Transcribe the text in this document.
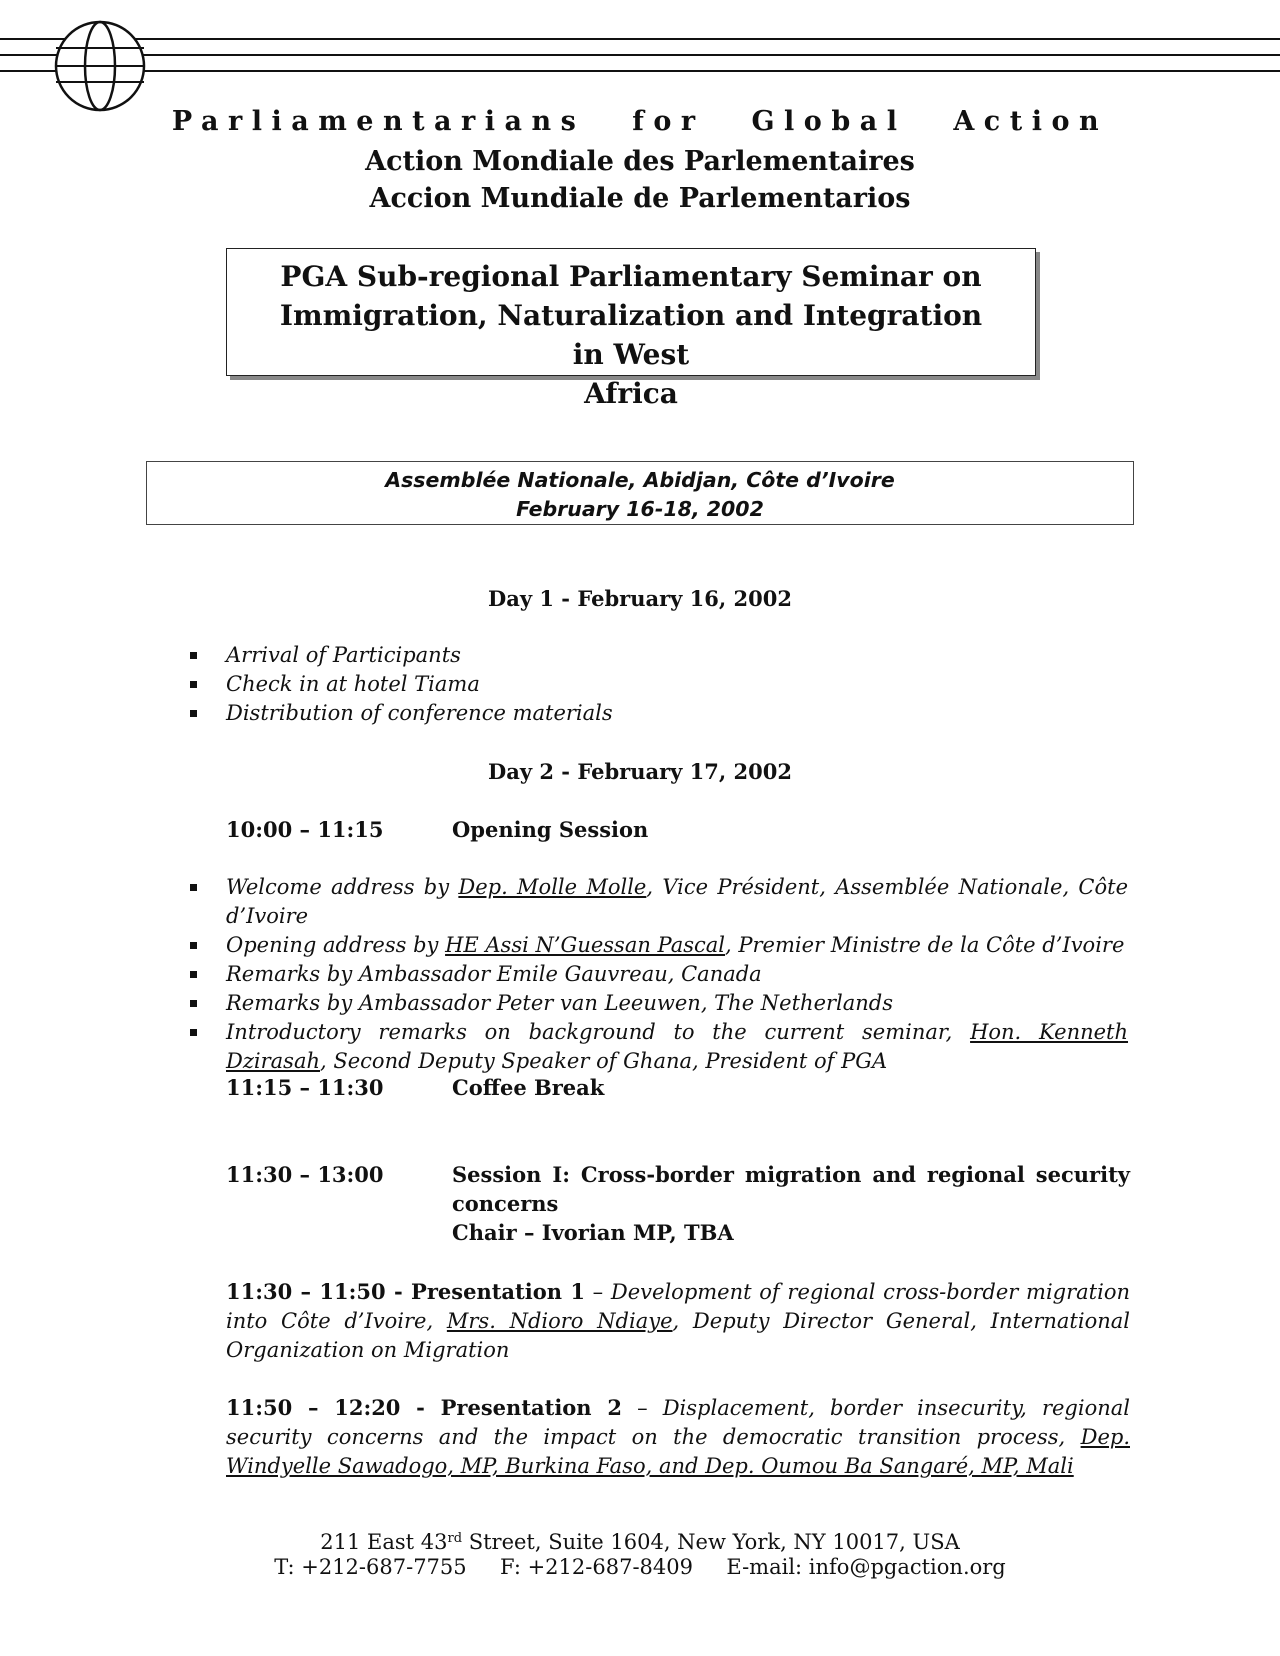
Parliamentarians for Global Action
Action Mondiale des Parlementaires
Accion Mundiale de Parlementarios
PGA Sub-regional Parliamentary Seminar on
Immigration, Naturalization and Integration in West
Africa
Assemblée Nationale, Abidjan, Côte d’Ivoire
February 16-18, 2002
Day 1 - February 16, 2002
Arrival of Participants
Check in at hotel Tiama
Distribution of conference materials
Day 2 - February 17, 2002
10:00 – 11:15	Opening Session
Welcome address by Dep. Molle Molle, Vice Président, Assemblée Nationale, Côte d’Ivoire
Opening address by HE Assi N’Guessan Pascal, Premier Ministre de la Côte d’Ivoire
Remarks by Ambassador Emile Gauvreau, Canada
Remarks by Ambassador Peter van Leeuwen, The Netherlands
Introductory remarks on background to the current seminar, Hon. Kenneth Dzirasah, Second Deputy Speaker of Ghana, President of PGA
11:15 – 11:30	Coffee Break
11:30 – 13:00	Session I: Cross-border migration and regional security concerns
Chair – Ivorian MP, TBA
11:30 – 11:50 - Presentation 1 – Development of regional cross-border migration into Côte d’Ivoire, Mrs. Ndioro Ndiaye, Deputy Director General, International Organization on Migration
11:50 – 12:20 - Presentation 2 – Displacement, border insecurity, regional security concerns and the impact on the democratic transition process, Dep. Windyelle Sawadogo, MP, Burkina Faso, and Dep. Oumou Ba Sangaré, MP, Mali
211 East 43rd Street, Suite 1604, New York, NY 10017, USA
T: +212-687-7755     F: +212-687-8409     E-mail: info@pgaction.org
